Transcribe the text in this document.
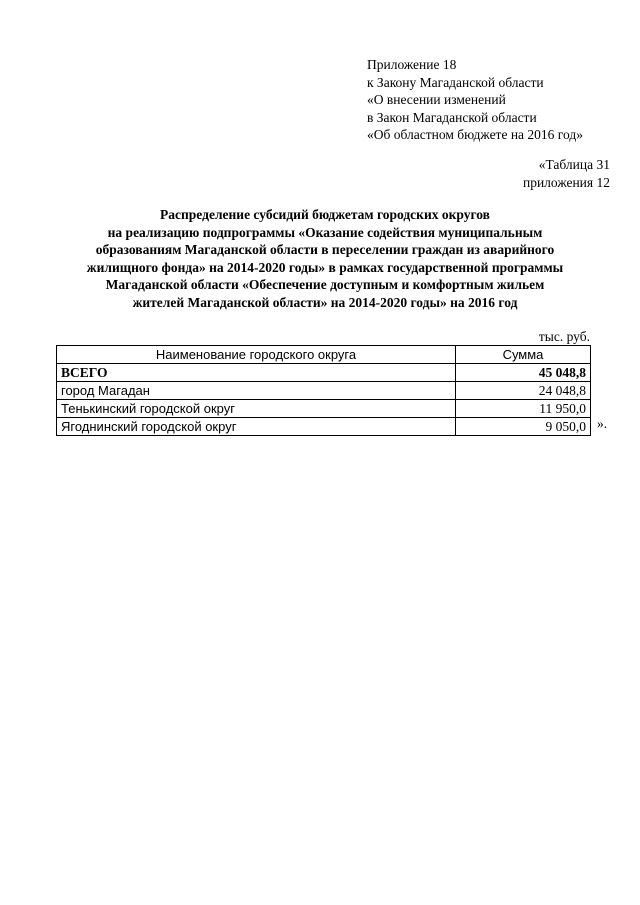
Приложение 18
к Закону Магаданской области
«О внесении изменений
в Закон Магаданской области
«Об областном бюджете на 2016 год»
«Таблица 31
приложения 12
Распределение субсидий бюджетам городских округов
на реализацию подпрограммы «Оказание содействия муниципальным
образованиям Магаданской области в переселении граждан из аварийного
жилищного фонда» на 2014-2020 годы» в рамках государственной программы
Магаданской области «Обеспечение доступным и комфортным жильем
жителей Магаданской области» на 2014-2020 годы» на 2016 год
тыс. руб.
Наименование городского округа	Сумма
ВСЕГО	45 048,8
город Магадан	24 048,8
Тенькинский городской округ	11 950,0
Ягоднинский городской округ	9 050,0 ».
